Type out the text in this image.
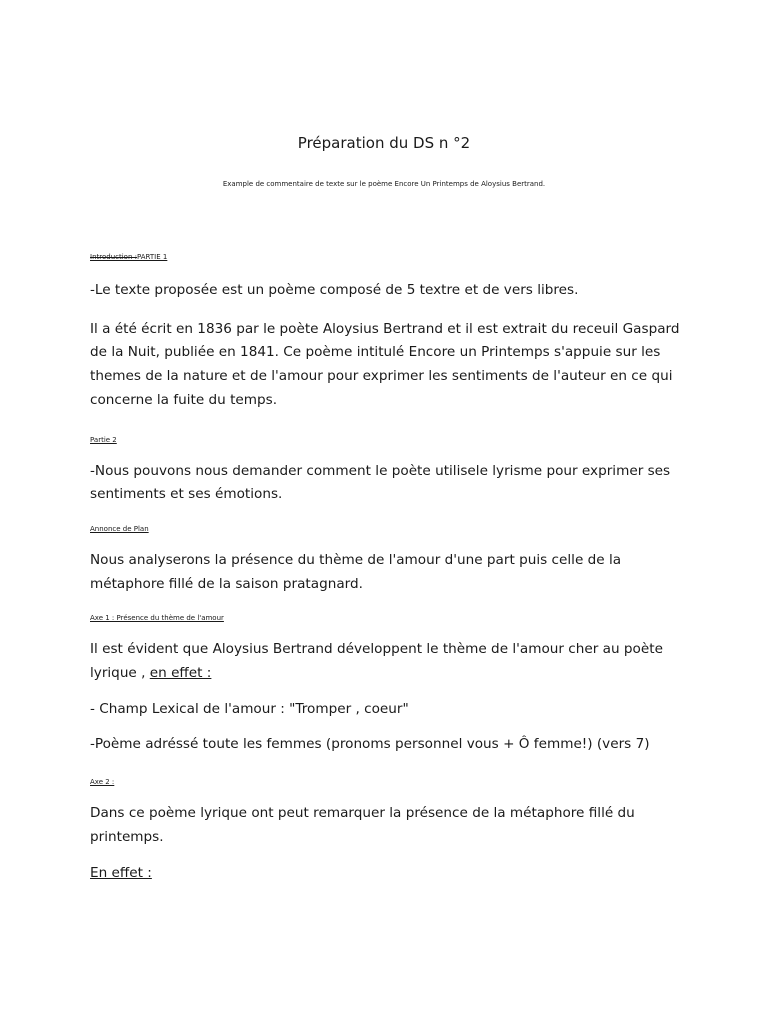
Préparation du DS n °2
Example de commentaire de texte sur le poème Encore Un Printemps de Aloysius Bertrand.

Introduction :PARTIE 1

-Le texte proposée est un poème composé de 5 textre et de vers libres.

Il a été écrit en 1836 par le poète Aloysius Bertrand et il est extrait du receuil Gaspard de la Nuit, publiée en 1841. Ce poème intitulé Encore un Printemps s'appuie sur les themes de la nature et de l'amour pour exprimer les sentiments de l'auteur en ce qui concerne la fuite du temps.

Partie 2

-Nous pouvons nous demander comment le poète utilisele lyrisme pour exprimer ses sentiments et ses émotions.

Annonce de Plan

Nous analyserons la présence du thème de l'amour d'une part puis celle de la métaphore fillé de la saison pratagnard.

Axe 1 : Présence du thème de l'amour

Il est évident que Aloysius Bertrand développent le thème de l'amour cher au poète lyrique , en effet :

- Champ Lexical de l'amour : "Tromper , coeur"

-Poème adréssé toute les femmes (pronoms personnel vous + Ô femme!) (vers 7)

Axe 2 :

Dans ce poème lyrique ont peut remarquer la présence de la métaphore fillé du printemps.

En effet :
